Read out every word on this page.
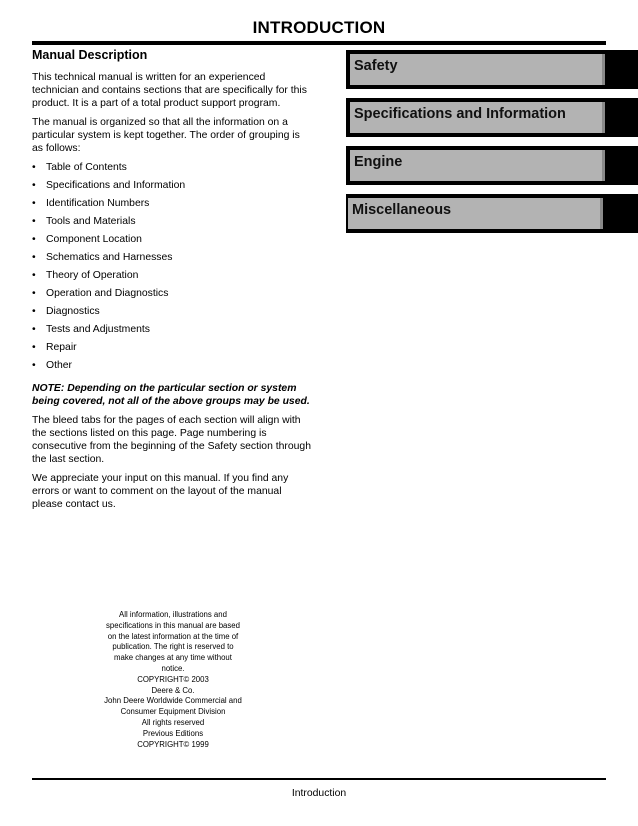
INTRODUCTION
Manual Description

This technical manual is written for an experienced technician and contains sections that are specifically for this product. It is a part of a total product support program.

The manual is organized so that all the information on a particular system is kept together. The order of grouping is as follows:

• Table of Contents
• Specifications and Information
• Identification Numbers
• Tools and Materials
• Component Location
• Schematics and Harnesses
• Theory of Operation
• Operation and Diagnostics
• Diagnostics
• Tests and Adjustments
• Repair
• Other

NOTE: Depending on the particular section or system being covered, not all of the above groups may be used.

The bleed tabs for the pages of each section will align with the sections listed on this page. Page numbering is consecutive from the beginning of the Safety section through the last section.

We appreciate your input on this manual. If you find any errors or want to comment on the layout of the manual please contact us.

Safety
Specifications and Information
Engine
Miscellaneous
All information, illustrations and
specifications in this manual are based
on the latest information at the time of
publication. The right is reserved to
make changes at any time without
notice.
COPYRIGHT© 2003
Deere & Co.
John Deere Worldwide Commercial and
Consumer Equipment Division
All rights reserved
Previous Editions
COPYRIGHT© 1999
Introduction
